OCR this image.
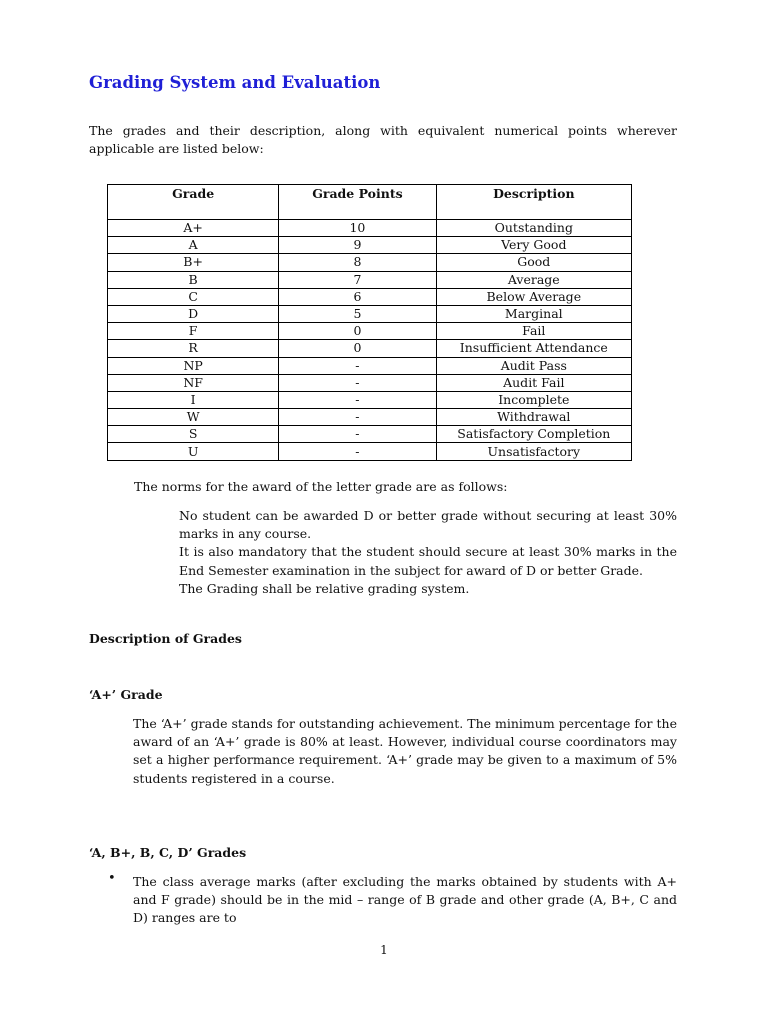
Grading System and Evaluation
The grades and their description, along with equivalent numerical points wherever applicable are listed below:
Grade	Grade Points	Description
A+	10	Outstanding
A	9	Very Good
B+	8	Good
B	7	Average
C	6	Below Average
D	5	Marginal
F	0	Fail
R	0	Insufficient Attendance
NP	-	Audit Pass
NF	-	Audit Fail
I	-	Incomplete
W	-	Withdrawal
S	-	Satisfactory Completion
U	-	Unsatisfactory
The norms for the award of the letter grade are as follows:

No student can be awarded D or better grade without securing at least 30% marks in any course.

It is also mandatory that the student should secure at least 30% marks in the End Semester examination in the subject for award of D or better Grade.

The Grading shall be relative grading system.

Description of Grades
‘A+’ Grade
The ‘A+’ grade stands for outstanding achievement. The minimum percentage for the award of an ‘A+’ grade is 80% at least. However, individual course coordinators may set a higher performance requirement. ‘A+’ grade may be given to a maximum of 5% students registered in a course.
‘A, B+, B, C, D’ Grades
• The class average marks (after excluding the marks obtained by students with A+ and F grade) should be in the mid – range of B grade and other grade (A, B+, C and D) ranges are to
1
